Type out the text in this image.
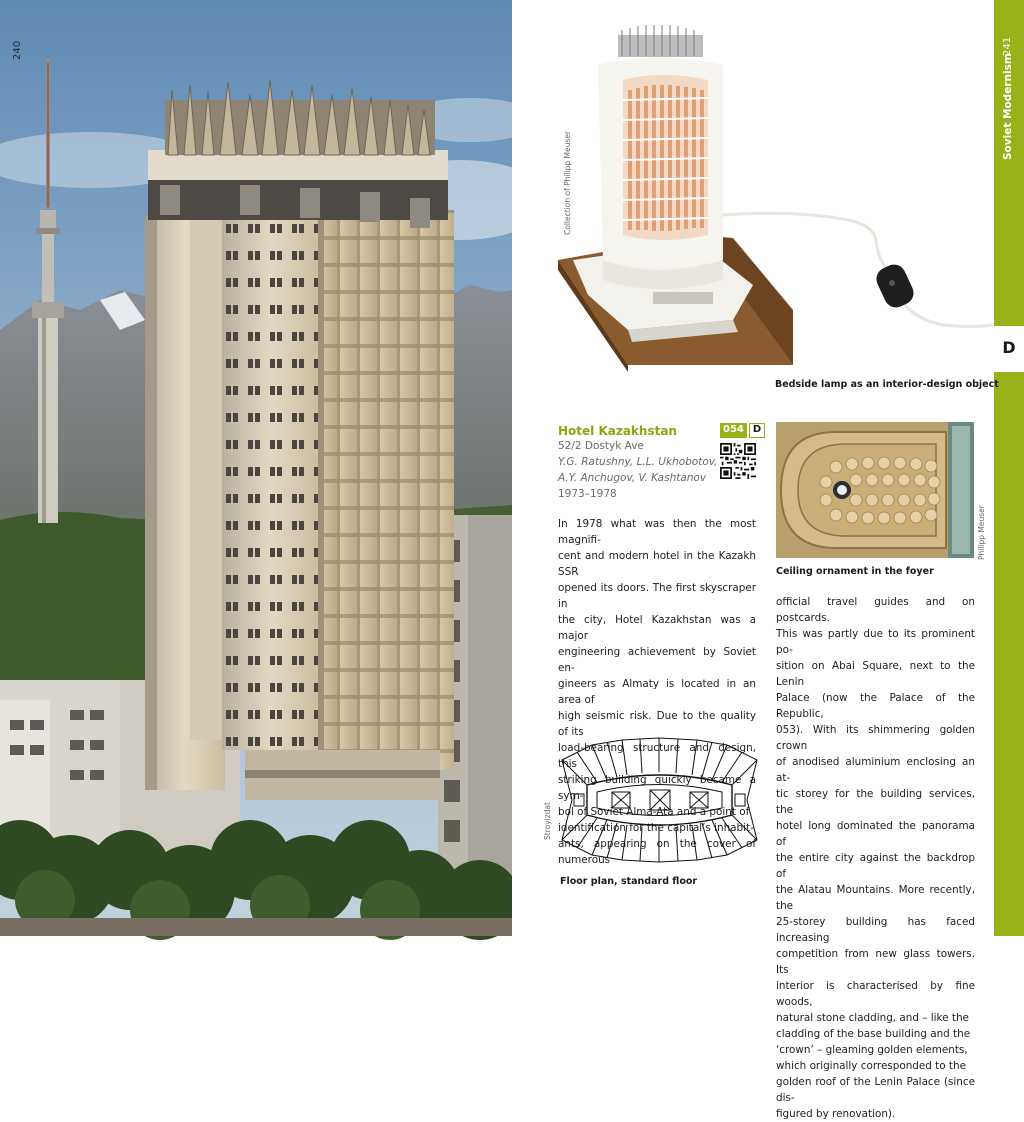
240
D
241
Soviet Modernism
Collection of Philipp Meuser
Bedside lamp as an interior-design object
Hotel Kazakhstan
52/2 Dostyk Ave
Y.G. Ratushny, L.L. Ukhobotov,
A.Y. Anchugov, V. Kashtanov
1973–1978
054 D
Philipp Meuser
Ceiling ornament in the foyer

In 1978 what was then the most magnifi-

cent and modern hotel in the Kazakh SSR

opened its doors. The first skyscraper in

the city, Hotel Kazakhstan was a major

engineering achievement by Soviet en-

gineers as Almaty is located in an area of

high seismic risk. Due to the quality of its

load-bearing structure and design, this

striking building quickly became a sym-

bol of Soviet Alma-Ata and a point of

identification for the capital’s inhabit-

ants, appearing on the cover of numerous

official travel guides and on postcards.

This was partly due to its prominent po-

sition on Abai Square, next to the Lenin

Palace (now the Palace of the Republic,

053). With its shimmering golden crown

of anodised aluminium enclosing an at-

tic storey for the building services, the

hotel long dominated the panorama of

the entire city against the backdrop of

the Alatau Mountains. More recently, the

25-storey building has faced increasing

competition from new glass towers. Its

interior is characterised by fine woods,

natural stone cladding, and – like the

cladding of the base building and the

‘crown’ – gleaming golden elements,

which originally corresponded to the

golden roof of the Lenin Palace (since dis-

figured by renovation).

Stroyizdat
Floor plan, standard floor
